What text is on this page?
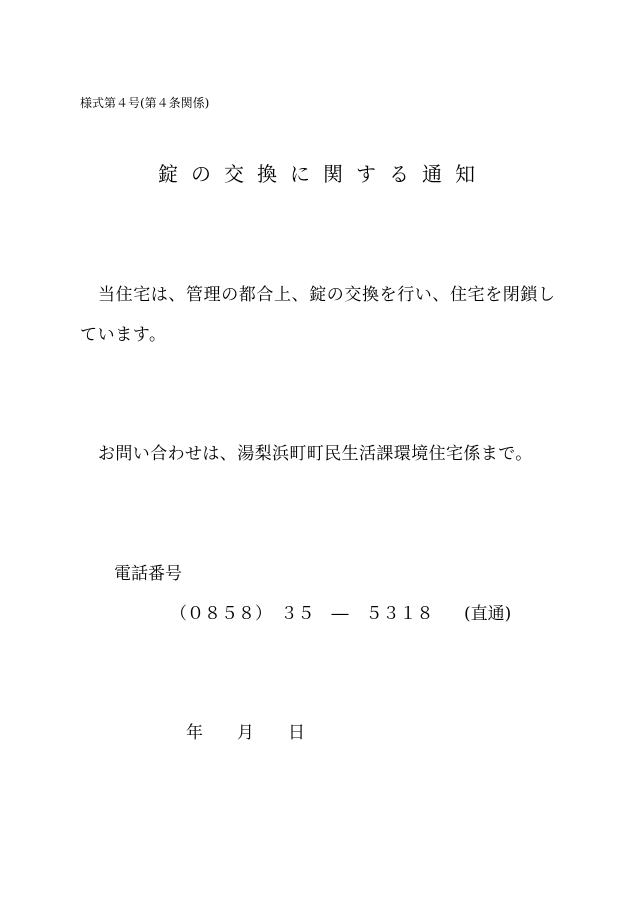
様式第４号(第４条関係)
錠の交換に関する通知
当住宅は、管理の都合上、錠の交換を行い、住宅を閉鎖し
ています。
お問い合わせは、湯梨浜町町民生活課環境住宅係まで。
電話番号
（０８５８）　３５　―　５３１８ (直通)
年　　月　　日
